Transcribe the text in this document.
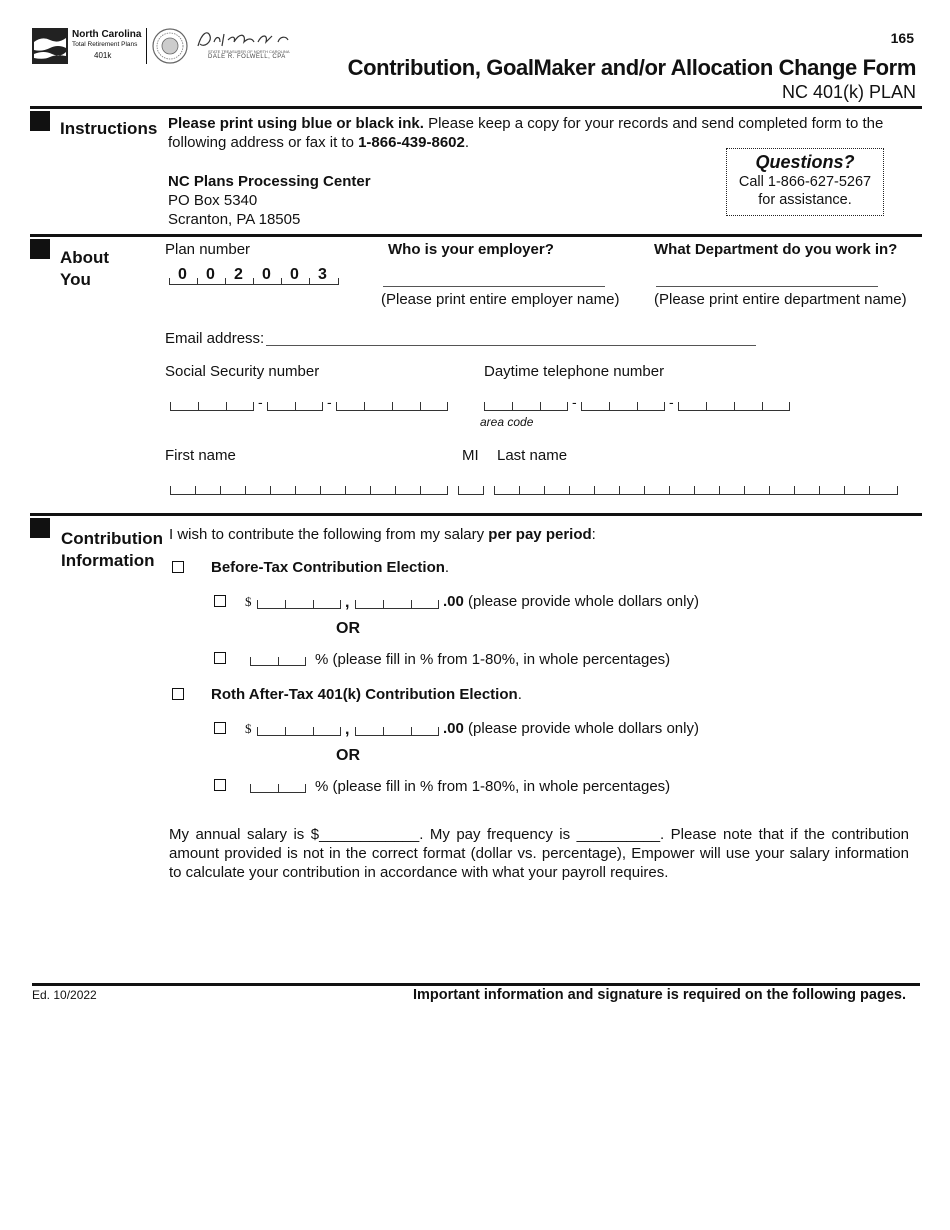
North Carolina
Total Retirement Plans
401k	STATE TREASURER OF NORTH CAROLINA
DALE R. FOLWELL, CPA
165
Contribution, GoalMaker and/or Allocation Change Form
NC 401(k) PLAN
Instructions Please print using blue or black ink. Please keep a copy for your records and send completed form to the following address or fax it to 1-866-439-8602.
NC Plans Processing Center
PO Box 5340
Scranton, PA 18505
Questions?
Call 1-866-627-5267
for assistance.
About
You
Plan number
0 0 2 0 0 3
Who is your employer?
(Please print entire employer name)
What Department do you work in?
(Please print entire department name)
Email address:
Social Security number
-	-
Daytime telephone number
-	-
area code
First name	MI Last name
Contribution
Information
I wish to contribute the following from my salary per pay period:
Before-Tax Contribution Election.
$	,	.00 (please provide whole dollars only)
OR
% (please fill in % from 1-80%, in whole percentages)
Roth After-Tax 401(k) Contribution Election.
$	,	.00 (please provide whole dollars only)
OR
% (please fill in % from 1-80%, in whole percentages)
My annual salary is $____________. My pay frequency is __________. Please note that if the contribution amount provided is not in the correct format (dollar vs. percentage), Empower will use your salary information to calculate your contribution in accordance with what your payroll requires.
Ed. 10/2022	Important information and signature is required on the following pages.
